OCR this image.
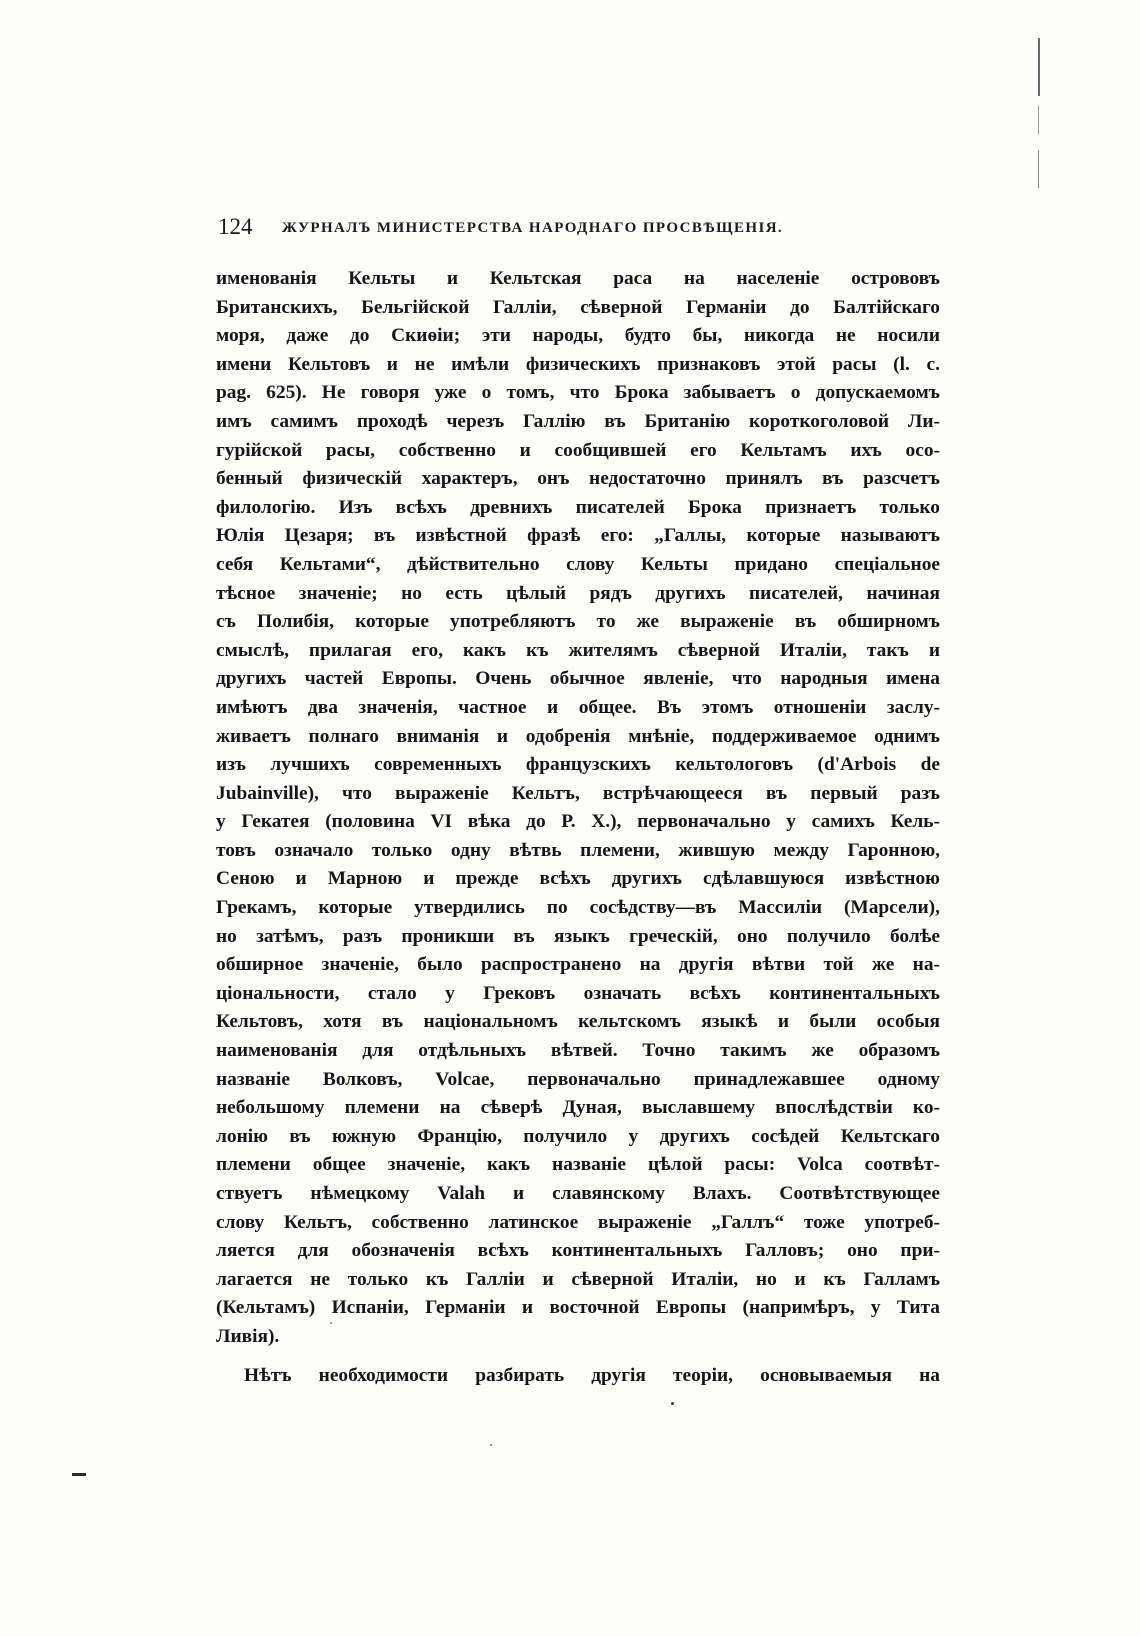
124 ЖУРНАЛЪ МИНИСТЕРСТВА НАРОДНАГО ПРОСВѢЩЕНІЯ.
именованія Кельты и Кельтская раса на населеніе острововъ
Британскихъ, Бельгійской Галліи, сѣверной Германіи до Балтійскаго
моря, даже до Скиѳіи; эти народы, будто бы, никогда не носили
имени Кельтовъ и не имѣли физическихъ признаковъ этой расы (l. c.
pag. 625). Не говоря уже о томъ, что Брока забываетъ о допускаемомъ
имъ самимъ проходѣ черезъ Галлію въ Британію короткоголовой Ли-
гурійской расы, собственно и сообщившей его Кельтамъ ихъ осо-
бенный физическій характеръ, онъ недостаточно принялъ въ разсчетъ
филологію. Изъ всѣхъ древнихъ писателей Брока признаетъ только
Юлія Цезаря; въ извѣстной фразѣ его: „Галлы, которые называютъ
себя Кельтами“, дѣйствительно слову Кельты придано спеціальное
тѣсное значеніе; но есть цѣлый рядъ другихъ писателей, начиная
съ Полибія, которые употребляютъ то же выраженіе въ обширномъ
смыслѣ, прилагая его, какъ къ жителямъ сѣверной Италіи, такъ и
другихъ частей Европы. Очень обычное явленіе, что народныя имена
имѣютъ два значенія, частное и общее. Въ этомъ отношеніи заслу-
живаетъ полнаго вниманія и одобренія мнѣніе, поддерживаемое однимъ
изъ лучшихъ современныхъ французскихъ кельтологовъ (d'Arbois de
Jubainville), что выраженіе Кельтъ, встрѣчающееся въ первый разъ
у Гекатея (половина VI вѣка до Р. Х.), первоначально у самихъ Кель-
товъ означало только одну вѣтвь племени, жившую между Гаронною,
Сеною и Марною и прежде всѣхъ другихъ сдѣлавшуюся извѣстною
Грекамъ, которые утвердились по сосѣдству—въ Массиліи (Марсели),
но затѣмъ, разъ проникши въ языкъ греческій, оно получило болѣе
обширное значеніе, было распространено на другія вѣтви той же на-
ціональности, стало у Грековъ означать всѣхъ континентальныхъ
Кельтовъ, хотя въ національномъ кельтскомъ языкѣ и были особыя
наименованія для отдѣльныхъ вѣтвей. Точно такимъ же образомъ
названіе Волковъ, Volcae, первоначально принадлежавшее одному
небольшому племени на сѣверѣ Дуная, выславшему впослѣдствіи ко-
лонію въ южную Францію, получило у другихъ сосѣдей Кельтскаго
племени общее значеніе, какъ названіе цѣлой расы: Volca соотвѣт-
ствуетъ нѣмецкому Valah и славянскому Влахъ. Соотвѣтствующее
слову Кельтъ, собственно латинское выраженіе „Галлъ“ тоже употреб-
ляется для обозначенія всѣхъ континентальныхъ Галловъ; оно при-
лагается не только къ Галліи и сѣверной Италіи, но и къ Галламъ
(Кельтамъ) Испаніи, Германіи и восточной Европы (напримѣръ, у Тита
Ливія).
Нѣтъ необходимости разбирать другія теоріи, основываемыя на
